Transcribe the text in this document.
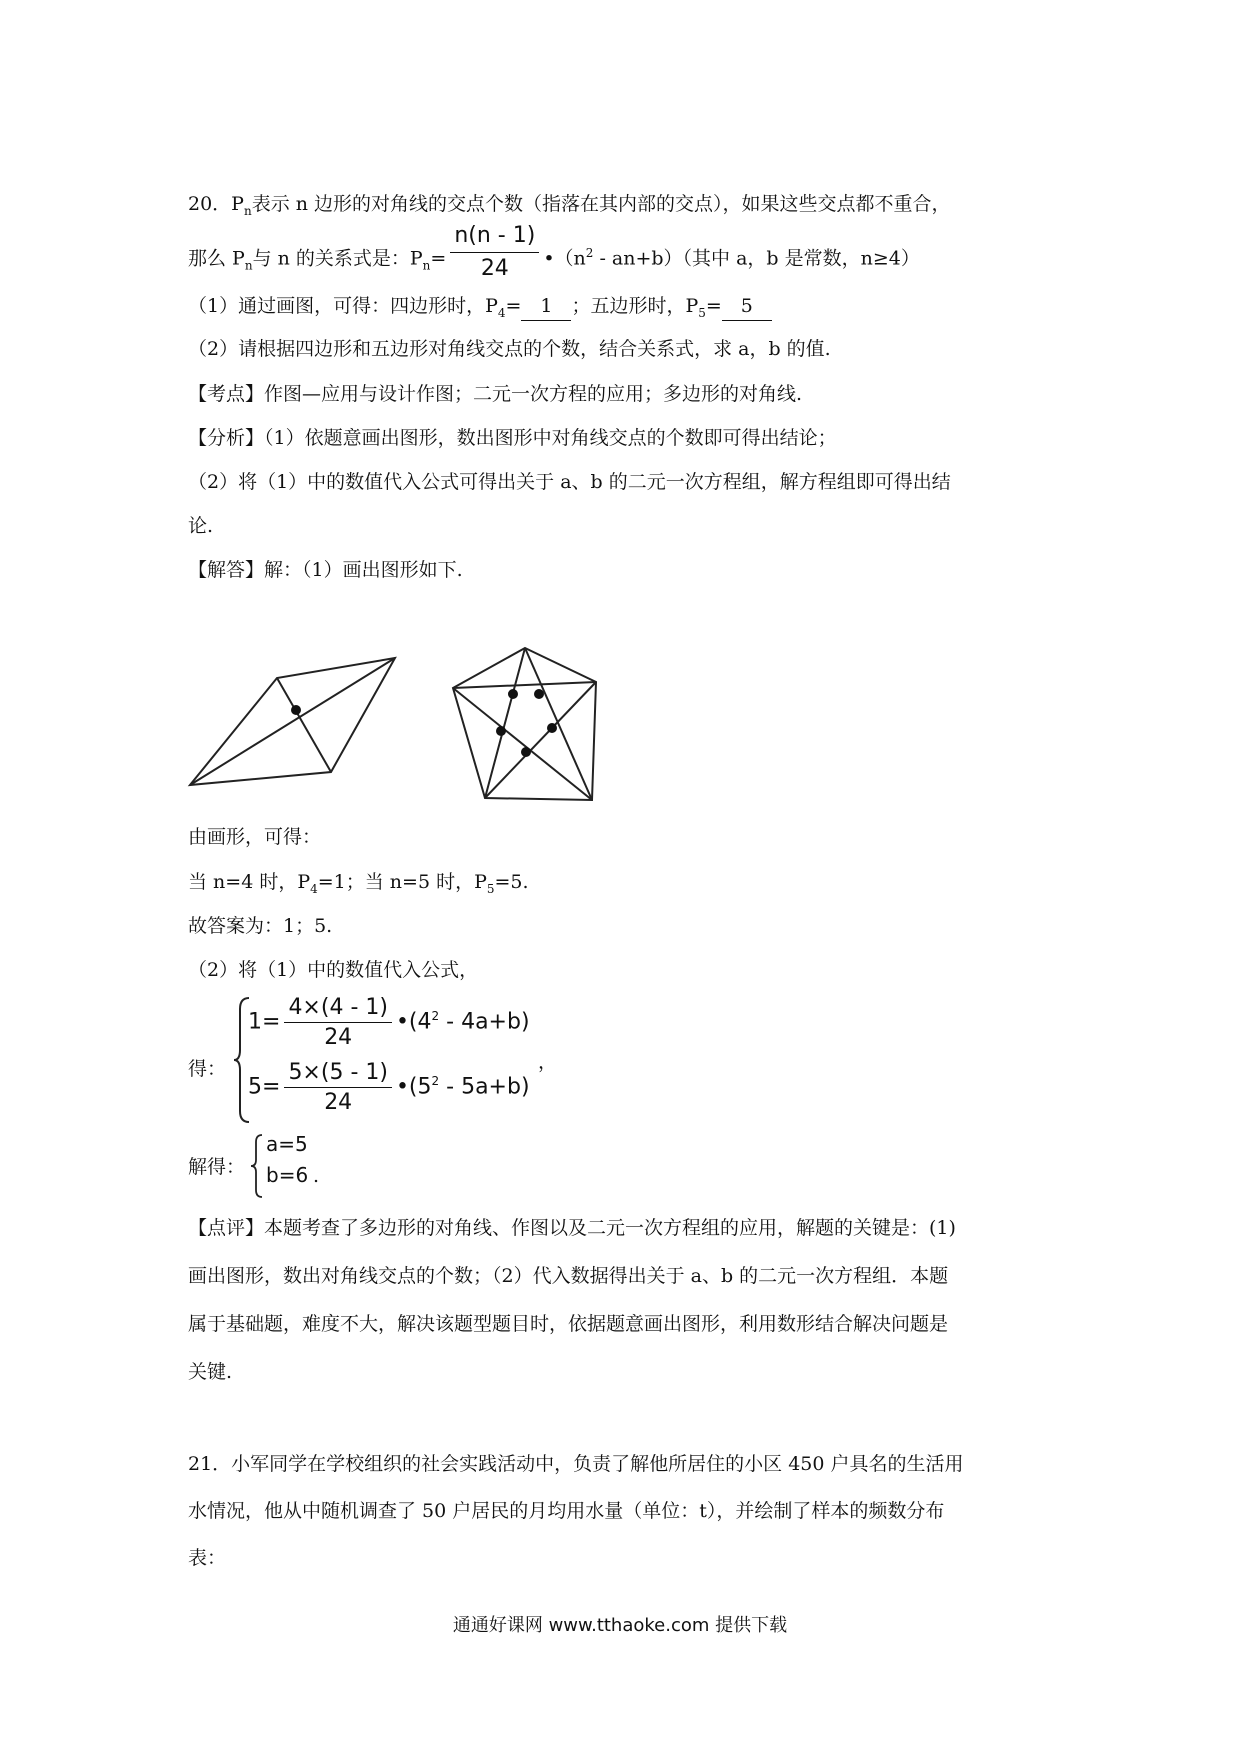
20．$P_n$表示 n 边形的对角线的交点个数（指落在其内部的交点），如果这些交点都不重合，
那么 $P_n$与 n 的关系式是：$P_n= \frac{n(n - 1)}{24}$ $•(n^2 - an+b)$（其中 a，b 是常数，n≥4）
（1）通过画图，可得：四边形时，$P_4= 1$ ；五边形时，$P_5= 5$
（2）请根据四边形和五边形对角线交点的个数，结合关系式，求 a，b 的值.
【考点】作图—应用与设计作图；二元一次方程的应用；多边形的对角线.
【分析】（1）依题意画出图形，数出图形中对角线交点的个数即可得出结论；
（2）将（1）中的数值代入公式可得出关于 a、b 的二元一次方程组，解方程组即可得出结
论.
【解答】解：（1）画出图形如下.
由画形，可得：
当 n=4 时，$P_4=1$；当 n=5 时，$P_5=5$.
故答案为：1；5.
（2）将（1）中的数值代入公式，
得：
$1= \frac{4\times(4 - 1)}{24}$ $•(4^2 - 4a+b)$
$5= \frac{5\times(5 - 1)}{24}$ $•(5^2 - 5a+b)$
，
解得：
a=5
b=6 .
【点评】本题考查了多边形的对角线、作图以及二元一次方程组的应用，解题的关键是：(1)
画出图形，数出对角线交点的个数；（2）代入数据得出关于 a、b 的二元一次方程组．本题
属于基础题，难度不大，解决该题型题目时，依据题意画出图形，利用数形结合解决问题是
关键.
21．小军同学在学校组织的社会实践活动中，负责了解他所居住的小区 450 户具名的生活用
水情况，他从中随机调查了 50 户居民的月均用水量（单位：t），并绘制了样本的频数分布
表：
通通好课网 www.tthaoke.com 提供下载
